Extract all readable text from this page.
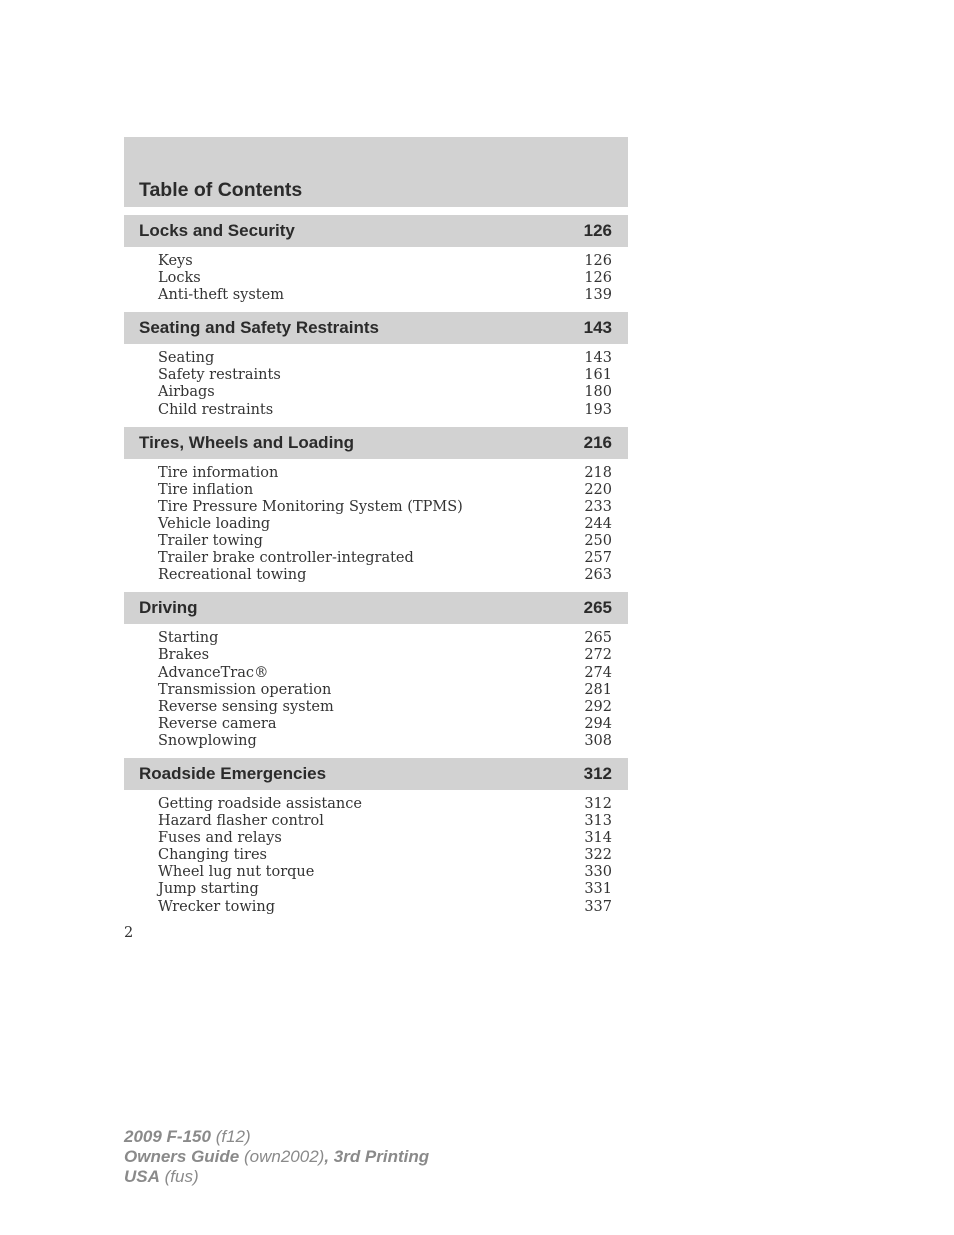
Table of Contents
Locks and Security	126
Keys	126
Locks	126
Anti-theft system	139
Seating and Safety Restraints	143
Seating	143
Safety restraints	161
Airbags	180
Child restraints	193
Tires, Wheels and Loading	216
Tire information	218
Tire inflation	220
Tire Pressure Monitoring System (TPMS)	233
Vehicle loading	244
Trailer towing	250
Trailer brake controller-integrated	257
Recreational towing	263
Driving	265
Starting	265
Brakes	272
AdvanceTrac®	274
Transmission operation	281
Reverse sensing system	292
Reverse camera	294
Snowplowing	308
Roadside Emergencies	312
Getting roadside assistance	312
Hazard flasher control	313
Fuses and relays	314
Changing tires	322
Wheel lug nut torque	330
Jump starting	331
Wrecker towing	337
2
2009 F-150 (f12)
Owners Guide (own2002), 3rd Printing
USA (fus)
